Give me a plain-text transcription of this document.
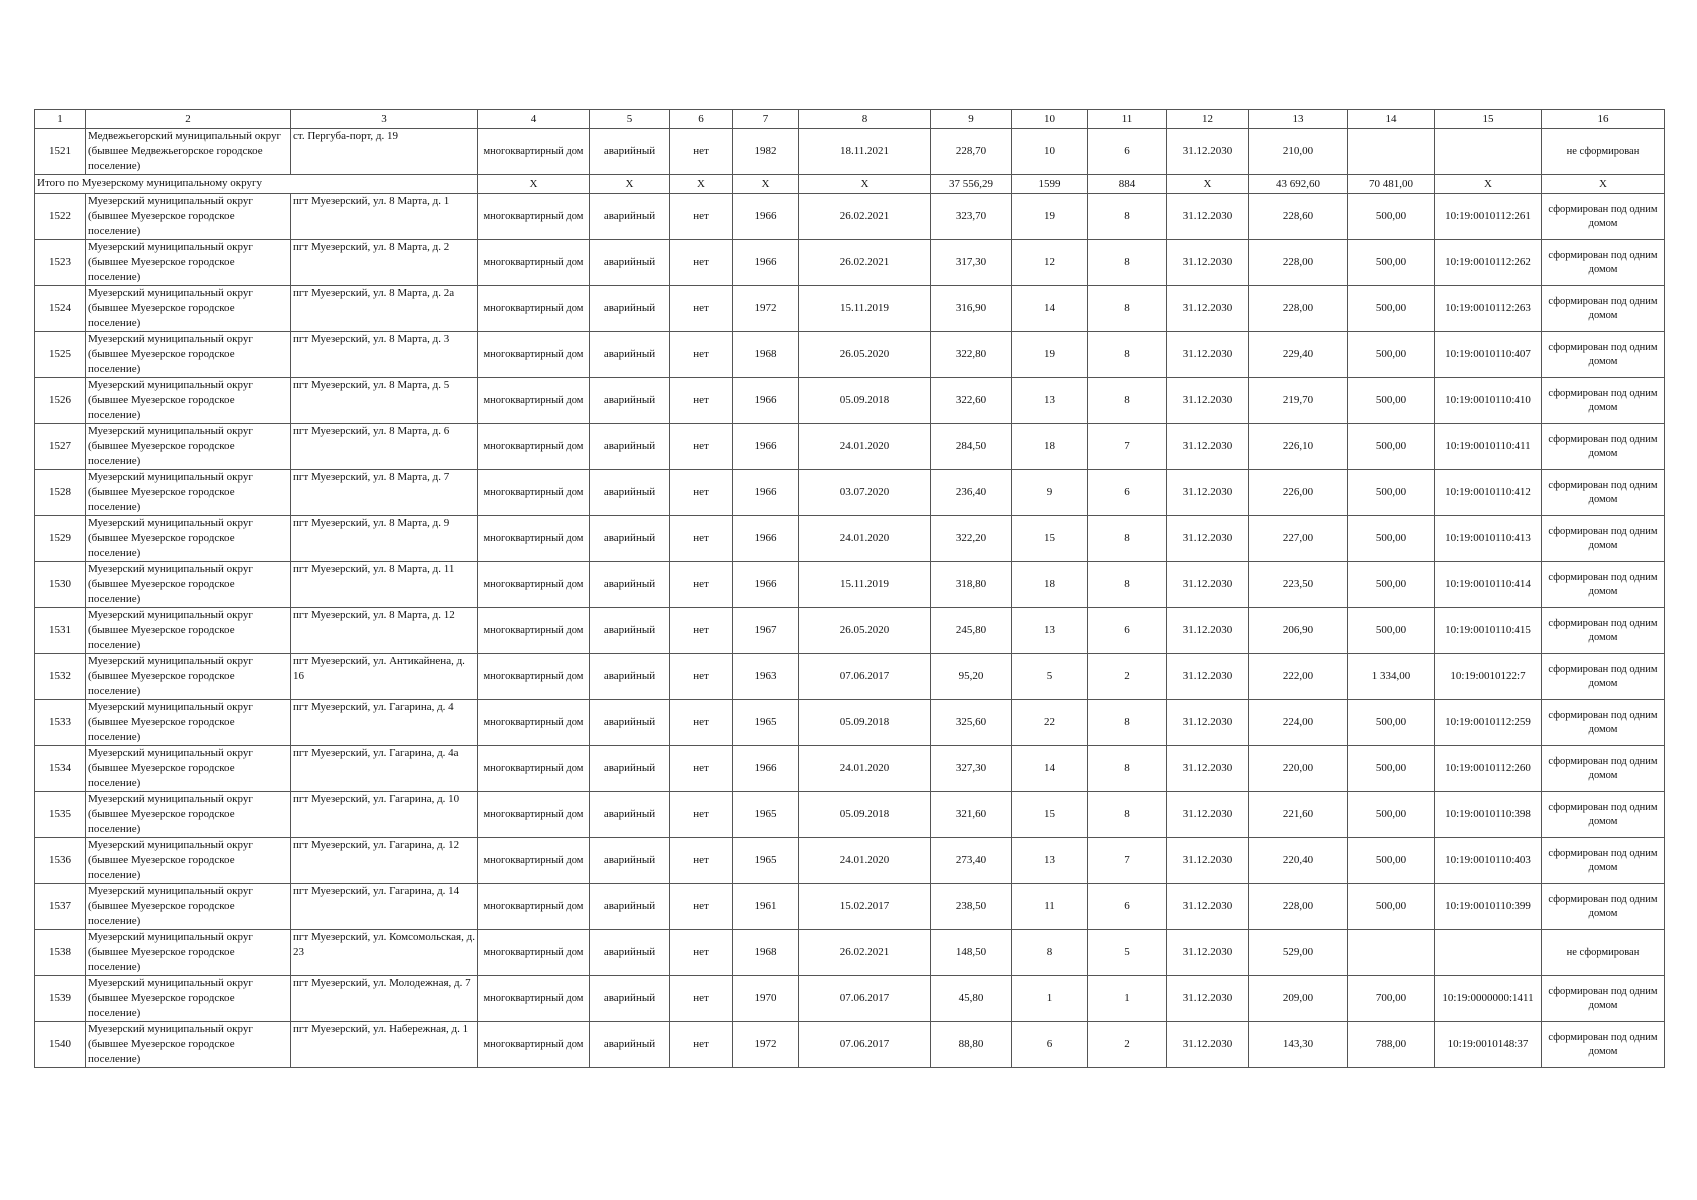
1	2	3	4	5	6	7	8	9	10	11	12	13	14	15	16
1521	Медвежьегорский муниципальный округ (бывшее Медвежьегорское городское поселение)	ст. Пергуба-порт, д. 19	многоквартирный дом	аварийный	нет	1982	18.11.2021	228,70	10	6	31.12.2030	210,00			не сформирован
Итого по Муезерскому муниципальному округу			X	X	X	X	X	37 556,29	1599	884	X	43 692,60	70 481,00	X	X
1522	Муезерский муниципальный округ (бывшее Муезерское городское поселение)	пгт Муезерский, ул. 8 Марта, д. 1	многоквартирный дом	аварийный	нет	1966	26.02.2021	323,70	19	8	31.12.2030	228,60	500,00	10:19:0010112:261	сформирован под одним домом
1523	Муезерский муниципальный округ (бывшее Муезерское городское поселение)	пгт Муезерский, ул. 8 Марта, д. 2	многоквартирный дом	аварийный	нет	1966	26.02.2021	317,30	12	8	31.12.2030	228,00	500,00	10:19:0010112:262	сформирован под одним домом
1524	Муезерский муниципальный округ (бывшее Муезерское городское поселение)	пгт Муезерский, ул. 8 Марта, д. 2а	многоквартирный дом	аварийный	нет	1972	15.11.2019	316,90	14	8	31.12.2030	228,00	500,00	10:19:0010112:263	сформирован под одним домом
1525	Муезерский муниципальный округ (бывшее Муезерское городское поселение)	пгт Муезерский, ул. 8 Марта, д. 3	многоквартирный дом	аварийный	нет	1968	26.05.2020	322,80	19	8	31.12.2030	229,40	500,00	10:19:0010110:407	сформирован под одним домом
1526	Муезерский муниципальный округ (бывшее Муезерское городское поселение)	пгт Муезерский, ул. 8 Марта, д. 5	многоквартирный дом	аварийный	нет	1966	05.09.2018	322,60	13	8	31.12.2030	219,70	500,00	10:19:0010110:410	сформирован под одним домом
1527	Муезерский муниципальный округ (бывшее Муезерское городское поселение)	пгт Муезерский, ул. 8 Марта, д. 6	многоквартирный дом	аварийный	нет	1966	24.01.2020	284,50	18	7	31.12.2030	226,10	500,00	10:19:0010110:411	сформирован под одним домом
1528	Муезерский муниципальный округ (бывшее Муезерское городское поселение)	пгт Муезерский, ул. 8 Марта, д. 7	многоквартирный дом	аварийный	нет	1966	03.07.2020	236,40	9	6	31.12.2030	226,00	500,00	10:19:0010110:412	сформирован под одним домом
1529	Муезерский муниципальный округ (бывшее Муезерское городское поселение)	пгт Муезерский, ул. 8 Марта, д. 9	многоквартирный дом	аварийный	нет	1966	24.01.2020	322,20	15	8	31.12.2030	227,00	500,00	10:19:0010110:413	сформирован под одним домом
1530	Муезерский муниципальный округ (бывшее Муезерское городское поселение)	пгт Муезерский, ул. 8 Марта, д. 11	многоквартирный дом	аварийный	нет	1966	15.11.2019	318,80	18	8	31.12.2030	223,50	500,00	10:19:0010110:414	сформирован под одним домом
1531	Муезерский муниципальный округ (бывшее Муезерское городское поселение)	пгт Муезерский, ул. 8 Марта, д. 12	многоквартирный дом	аварийный	нет	1967	26.05.2020	245,80	13	6	31.12.2030	206,90	500,00	10:19:0010110:415	сформирован под одним домом
1532	Муезерский муниципальный округ (бывшее Муезерское городское поселение)	пгт Муезерский, ул. Антикайнена, д. 16	многоквартирный дом	аварийный	нет	1963	07.06.2017	95,20	5	2	31.12.2030	222,00	1 334,00	10:19:0010122:7	сформирован под одним домом
1533	Муезерский муниципальный округ (бывшее Муезерское городское поселение)	пгт Муезерский, ул. Гагарина, д. 4	многоквартирный дом	аварийный	нет	1965	05.09.2018	325,60	22	8	31.12.2030	224,00	500,00	10:19:0010112:259	сформирован под одним домом
1534	Муезерский муниципальный округ (бывшее Муезерское городское поселение)	пгт Муезерский, ул. Гагарина, д. 4а	многоквартирный дом	аварийный	нет	1966	24.01.2020	327,30	14	8	31.12.2030	220,00	500,00	10:19:0010112:260	сформирован под одним домом
1535	Муезерский муниципальный округ (бывшее Муезерское городское поселение)	пгт Муезерский, ул. Гагарина, д. 10	многоквартирный дом	аварийный	нет	1965	05.09.2018	321,60	15	8	31.12.2030	221,60	500,00	10:19:0010110:398	сформирован под одним домом
1536	Муезерский муниципальный округ (бывшее Муезерское городское поселение)	пгт Муезерский, ул. Гагарина, д. 12	многоквартирный дом	аварийный	нет	1965	24.01.2020	273,40	13	7	31.12.2030	220,40	500,00	10:19:0010110:403	сформирован под одним домом
1537	Муезерский муниципальный округ (бывшее Муезерское городское поселение)	пгт Муезерский, ул. Гагарина, д. 14	многоквартирный дом	аварийный	нет	1961	15.02.2017	238,50	11	6	31.12.2030	228,00	500,00	10:19:0010110:399	сформирован под одним домом
1538	Муезерский муниципальный округ (бывшее Муезерское городское поселение)	пгт Муезерский, ул. Комсомольская, д. 23	многоквартирный дом	аварийный	нет	1968	26.02.2021	148,50	8	5	31.12.2030	529,00			не сформирован
1539	Муезерский муниципальный округ (бывшее Муезерское городское поселение)	пгт Муезерский, ул. Молодежная, д. 7	многоквартирный дом	аварийный	нет	1970	07.06.2017	45,80	1	1	31.12.2030	209,00	700,00	10:19:0000000:1411	сформирован под одним домом
1540	Муезерский муниципальный округ (бывшее Муезерское городское поселение)	пгт Муезерский, ул. Набережная, д. 1	многоквартирный дом	аварийный	нет	1972	07.06.2017	88,80	6	2	31.12.2030	143,30	788,00	10:19:0010148:37	сформирован под одним домом
